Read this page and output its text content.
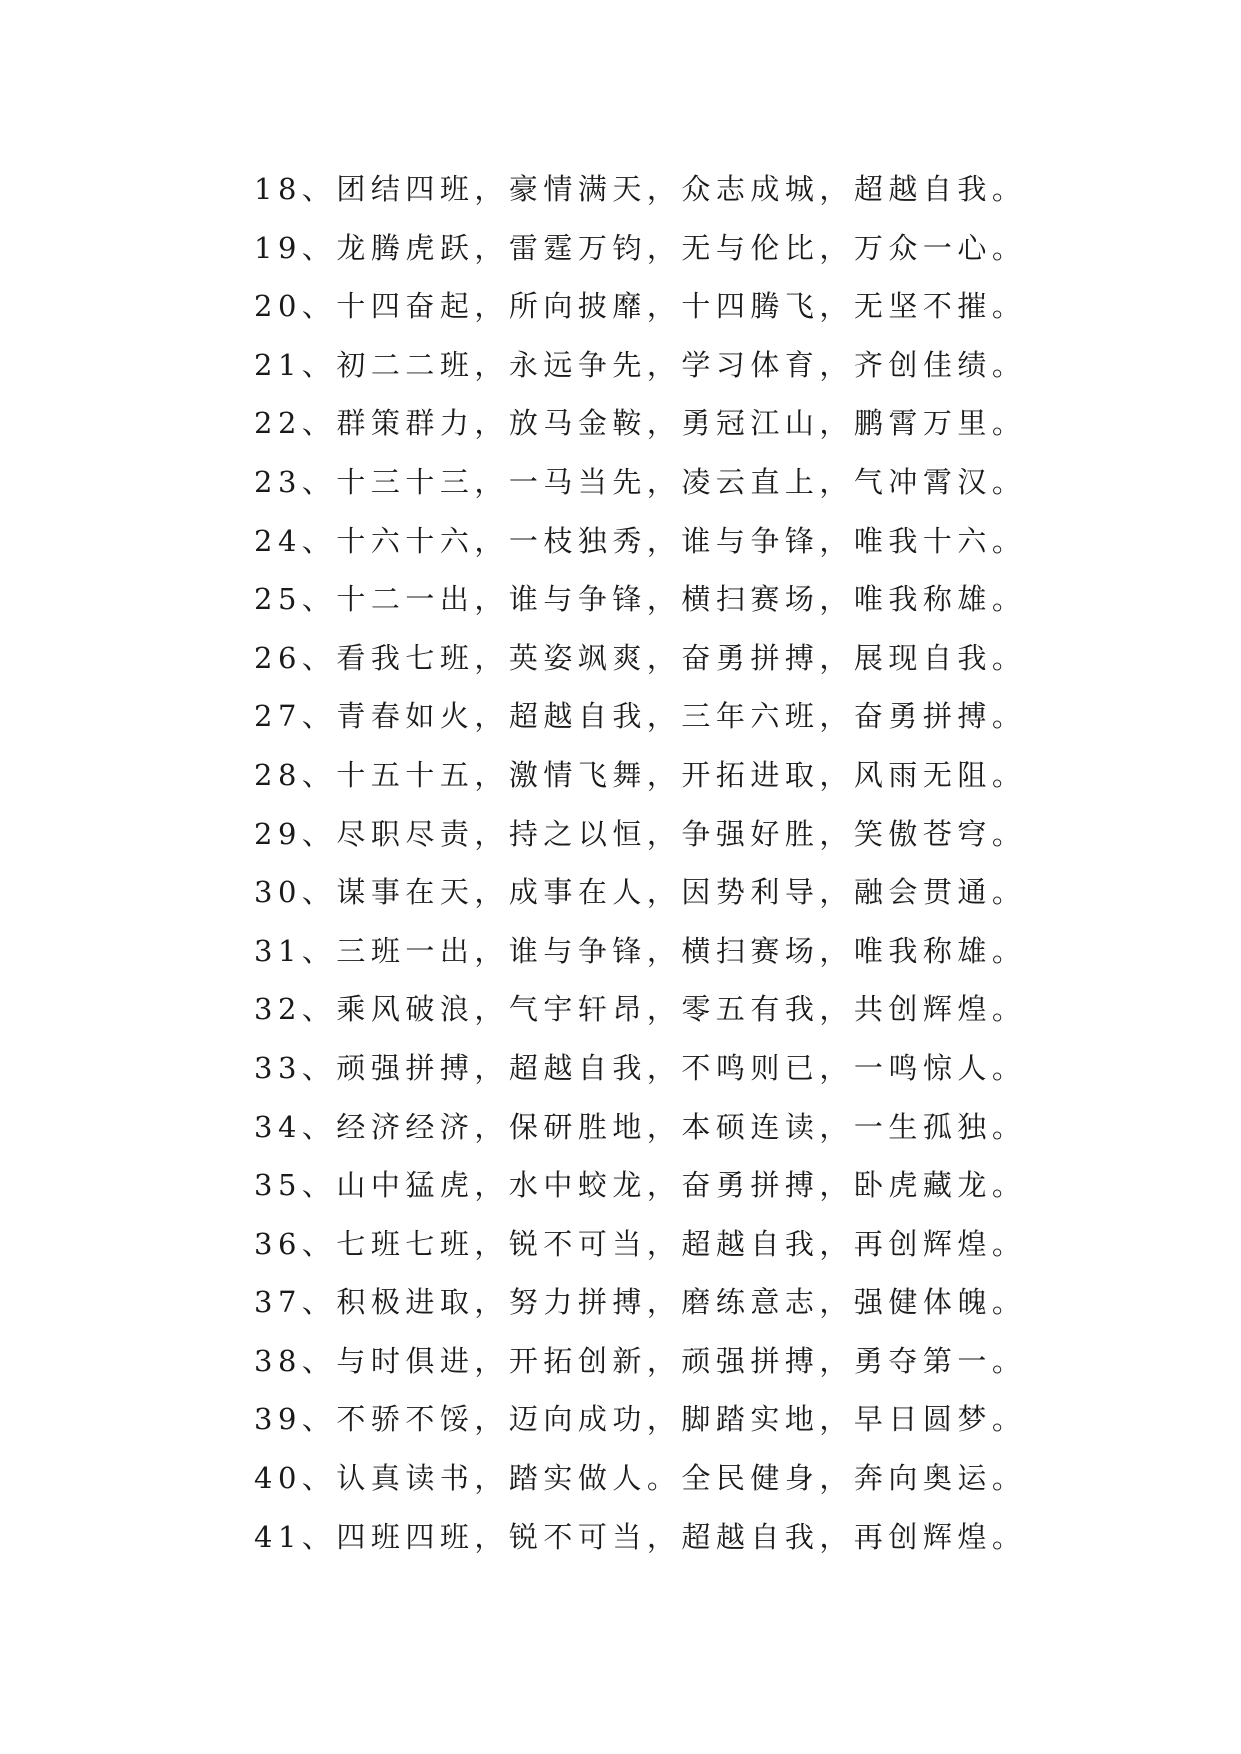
18、团结四班，豪情满天，众志成城，超越自我。
19、龙腾虎跃，雷霆万钧，无与伦比，万众一心。
20、十四奋起，所向披靡，十四腾飞，无坚不摧。
21、初二二班，永远争先，学习体育，齐创佳绩。
22、群策群力，放马金鞍，勇冠江山，鹏霄万里。
23、十三十三，一马当先，凌云直上，气冲霄汉。
24、十六十六，一枝独秀，谁与争锋，唯我十六。
25、十二一出，谁与争锋，横扫赛场，唯我称雄。
26、看我七班，英姿飒爽，奋勇拼搏，展现自我。
27、青春如火，超越自我，三年六班，奋勇拼搏。
28、十五十五，激情飞舞，开拓进取，风雨无阻。
29、尽职尽责，持之以恒，争强好胜，笑傲苍穹。
30、谋事在天，成事在人，因势利导，融会贯通。
31、三班一出，谁与争锋，横扫赛场，唯我称雄。
32、乘风破浪，气宇轩昂，零五有我，共创辉煌。
33、顽强拼搏，超越自我，不鸣则已，一鸣惊人。
34、经济经济，保研胜地，本硕连读，一生孤独。
35、山中猛虎，水中蛟龙，奋勇拼搏，卧虎藏龙。
36、七班七班，锐不可当，超越自我，再创辉煌。
37、积极进取，努力拼搏，磨练意志，强健体魄。
38、与时俱进，开拓创新，顽强拼搏，勇夺第一。
39、不骄不馁，迈向成功，脚踏实地，早日圆梦。
40、认真读书，踏实做人。全民健身，奔向奥运。
41、四班四班，锐不可当，超越自我，再创辉煌。
